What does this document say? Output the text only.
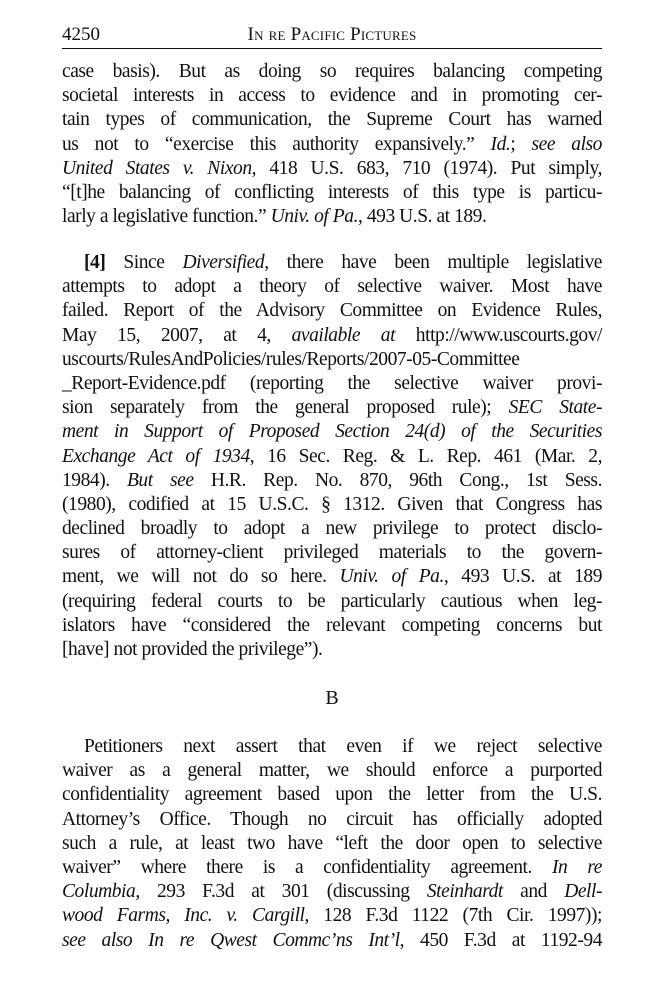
4250	In re Pacific Pictures
case basis). But as doing so requires balancing competing
societal interests in access to evidence and in promoting cer-
tain types of communication, the Supreme Court has warned
us not to “exercise this authority expansively.” Id.; see also
United States v. Nixon, 418 U.S. 683, 710 (1974). Put simply,
“[t]he balancing of conflicting interests of this type is particu-
larly a legislative function.” Univ. of Pa., 493 U.S. at 189.
[4] Since Diversified, there have been multiple legislative
attempts to adopt a theory of selective waiver. Most have
failed. Report of the Advisory Committee on Evidence Rules,
May 15, 2007, at 4, available at http://www.uscourts.gov/
uscourts/RulesAndPolicies/rules/Reports/2007-05-Committee
_Report-Evidence.pdf (reporting the selective waiver provi-
sion separately from the general proposed rule); SEC State-
ment in Support of Proposed Section 24(d) of the Securities
Exchange Act of 1934, 16 Sec. Reg. & L. Rep. 461 (Mar. 2,
1984). But see H.R. Rep. No. 870, 96th Cong., 1st Sess.
(1980), codified at 15 U.S.C. § 1312. Given that Congress has
declined broadly to adopt a new privilege to protect disclo-
sures of attorney-client privileged materials to the govern-
ment, we will not do so here. Univ. of Pa., 493 U.S. at 189
(requiring federal courts to be particularly cautious when leg-
islators have “considered the relevant competing concerns but
[have] not provided the privilege”).
B
Petitioners next assert that even if we reject selective
waiver as a general matter, we should enforce a purported
confidentiality agreement based upon the letter from the U.S.
Attorney’s Office. Though no circuit has officially adopted
such a rule, at least two have “left the door open to selective
waiver” where there is a confidentiality agreement. In re
Columbia, 293 F.3d at 301 (discussing Steinhardt and Dell-
wood Farms, Inc. v. Cargill, 128 F.3d 1122 (7th Cir. 1997));
see also In re Qwest Commc’ns Int’l, 450 F.3d at 1192-94
